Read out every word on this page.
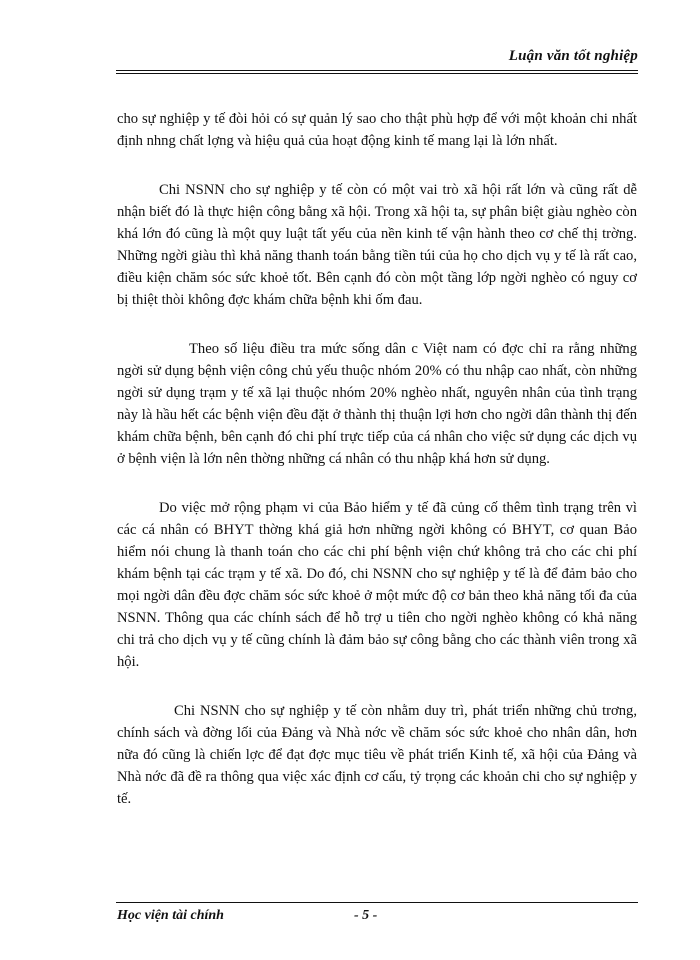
Luận văn tốt nghiệp

cho sự nghiệp y tế đòi hỏi có sự quản lý sao cho thật phù hợp để với một khoản chi nhất định nhng chất lợng và hiệu quả của hoạt động kinh tế mang lại là lớn nhất.

Chi NSNN cho sự nghiệp y tế còn có một vai trò xã hội rất lớn và cũng rất dễ nhận biết đó là thực hiện công bằng xã hội. Trong xã hội ta, sự phân biệt giàu nghèo còn khá lớn đó cũng là một quy luật tất yếu của nền kinh tế vận hành theo cơ chế thị trờng. Những ngời giàu thì khả năng thanh toán bằng tiền túi của họ cho dịch vụ y tế là rất cao, điều kiện chăm sóc sức khoẻ tốt. Bên cạnh đó còn một tầng lớp ngời nghèo có nguy cơ bị thiệt thòi không đợc khám chữa bệnh khi ốm đau.

Theo số liệu điều tra mức sống dân c Việt nam có đợc chỉ ra rằng những ngời sử dụng bệnh viện công chủ yếu thuộc nhóm 20% có thu nhập cao nhất, còn những ngời sử dụng trạm y tế xã lại thuộc nhóm 20% nghèo nhất, nguyên nhân của tình trạng này là hầu hết các bệnh viện đều đặt ở thành thị thuận lợi hơn cho ngời dân thành thị đến khám chữa bệnh, bên cạnh đó chi phí trực tiếp của cá nhân cho việc sử dụng các dịch vụ ở bệnh viện là lớn nên thờng những cá nhân có thu nhập khá hơn sử dụng.

Do việc mở rộng phạm vi của Bảo hiểm y tế đã củng cố thêm tình trạng trên vì các cá nhân có BHYT thờng khá giả hơn những ngời không có BHYT, cơ quan Bảo hiểm nói chung là thanh toán cho các chi phí bệnh viện chứ không trả cho các chi phí khám bệnh tại các trạm y tế xã. Do đó, chi NSNN cho sự nghiệp y tế là để đảm bảo cho mọi ngời dân đều đợc chăm sóc sức khoẻ ở một mức độ cơ bản theo khả năng tối đa của NSNN. Thông qua các chính sách để hỗ trợ u tiên cho ngời nghèo không có khả năng chi trả cho dịch vụ y tế cũng chính là đảm bảo sự công bằng cho các thành viên trong xã hội.

Chi NSNN cho sự nghiệp y tế còn nhằm duy trì, phát triển những chủ trơng, chính sách và đờng lối của Đảng và Nhà nớc về chăm sóc sức khoẻ cho nhân dân, hơn nữa đó cũng là chiến lợc để đạt đợc mục tiêu về phát triển Kinh tế, xã hội của Đảng và Nhà nớc đã đề ra thông qua việc xác định cơ cấu, tỷ trọng các khoản chi cho sự nghiệp y tế.

Học viện tài chính	- 5 -
